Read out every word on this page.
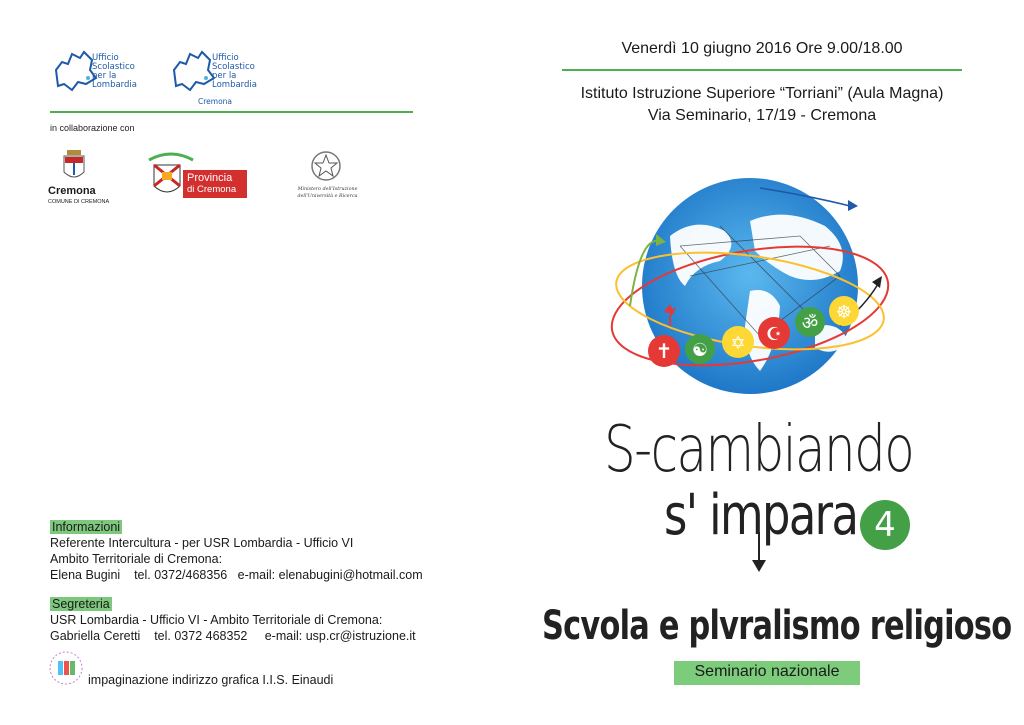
Ufficio
Scolastico
per la
Lombardia
Ufficio
Scolastico
per la
Lombardia
Cremona
in collaborazione con
Cremona
COMUNE DI CREMONA
Provincia
di Cremona	Ministero dell'Istruzione
dell'Università e Ricerca
Informazioni
Referente Intercultura - per USR Lombardia - Ufficio VI
Ambito Territoriale di Cremona:
Elena Bugini    tel. 0372/468356   e-mail: elenabugini@hotmail.com
Segreteria
USR Lombardia - Ufficio VI - Ambito Territoriale di Cremona:
Gabriella Ceretti    tel. 0372 468352     e-mail: usp.cr@istruzione.it
impaginazione indirizzo grafica I.I.S. Einaudi
Venerdì 10 giugno 2016 Ore 9.00/18.00
Istituto Istruzione Superiore “Torriani” (Aula Magna)
Via Seminario, 17/19 - Cremona
✝ ☯ ✡ ☪
ॐ
☸
S-cambiando
s' impara 4
Scvola e plvralismo religioso
Seminario nazionale
